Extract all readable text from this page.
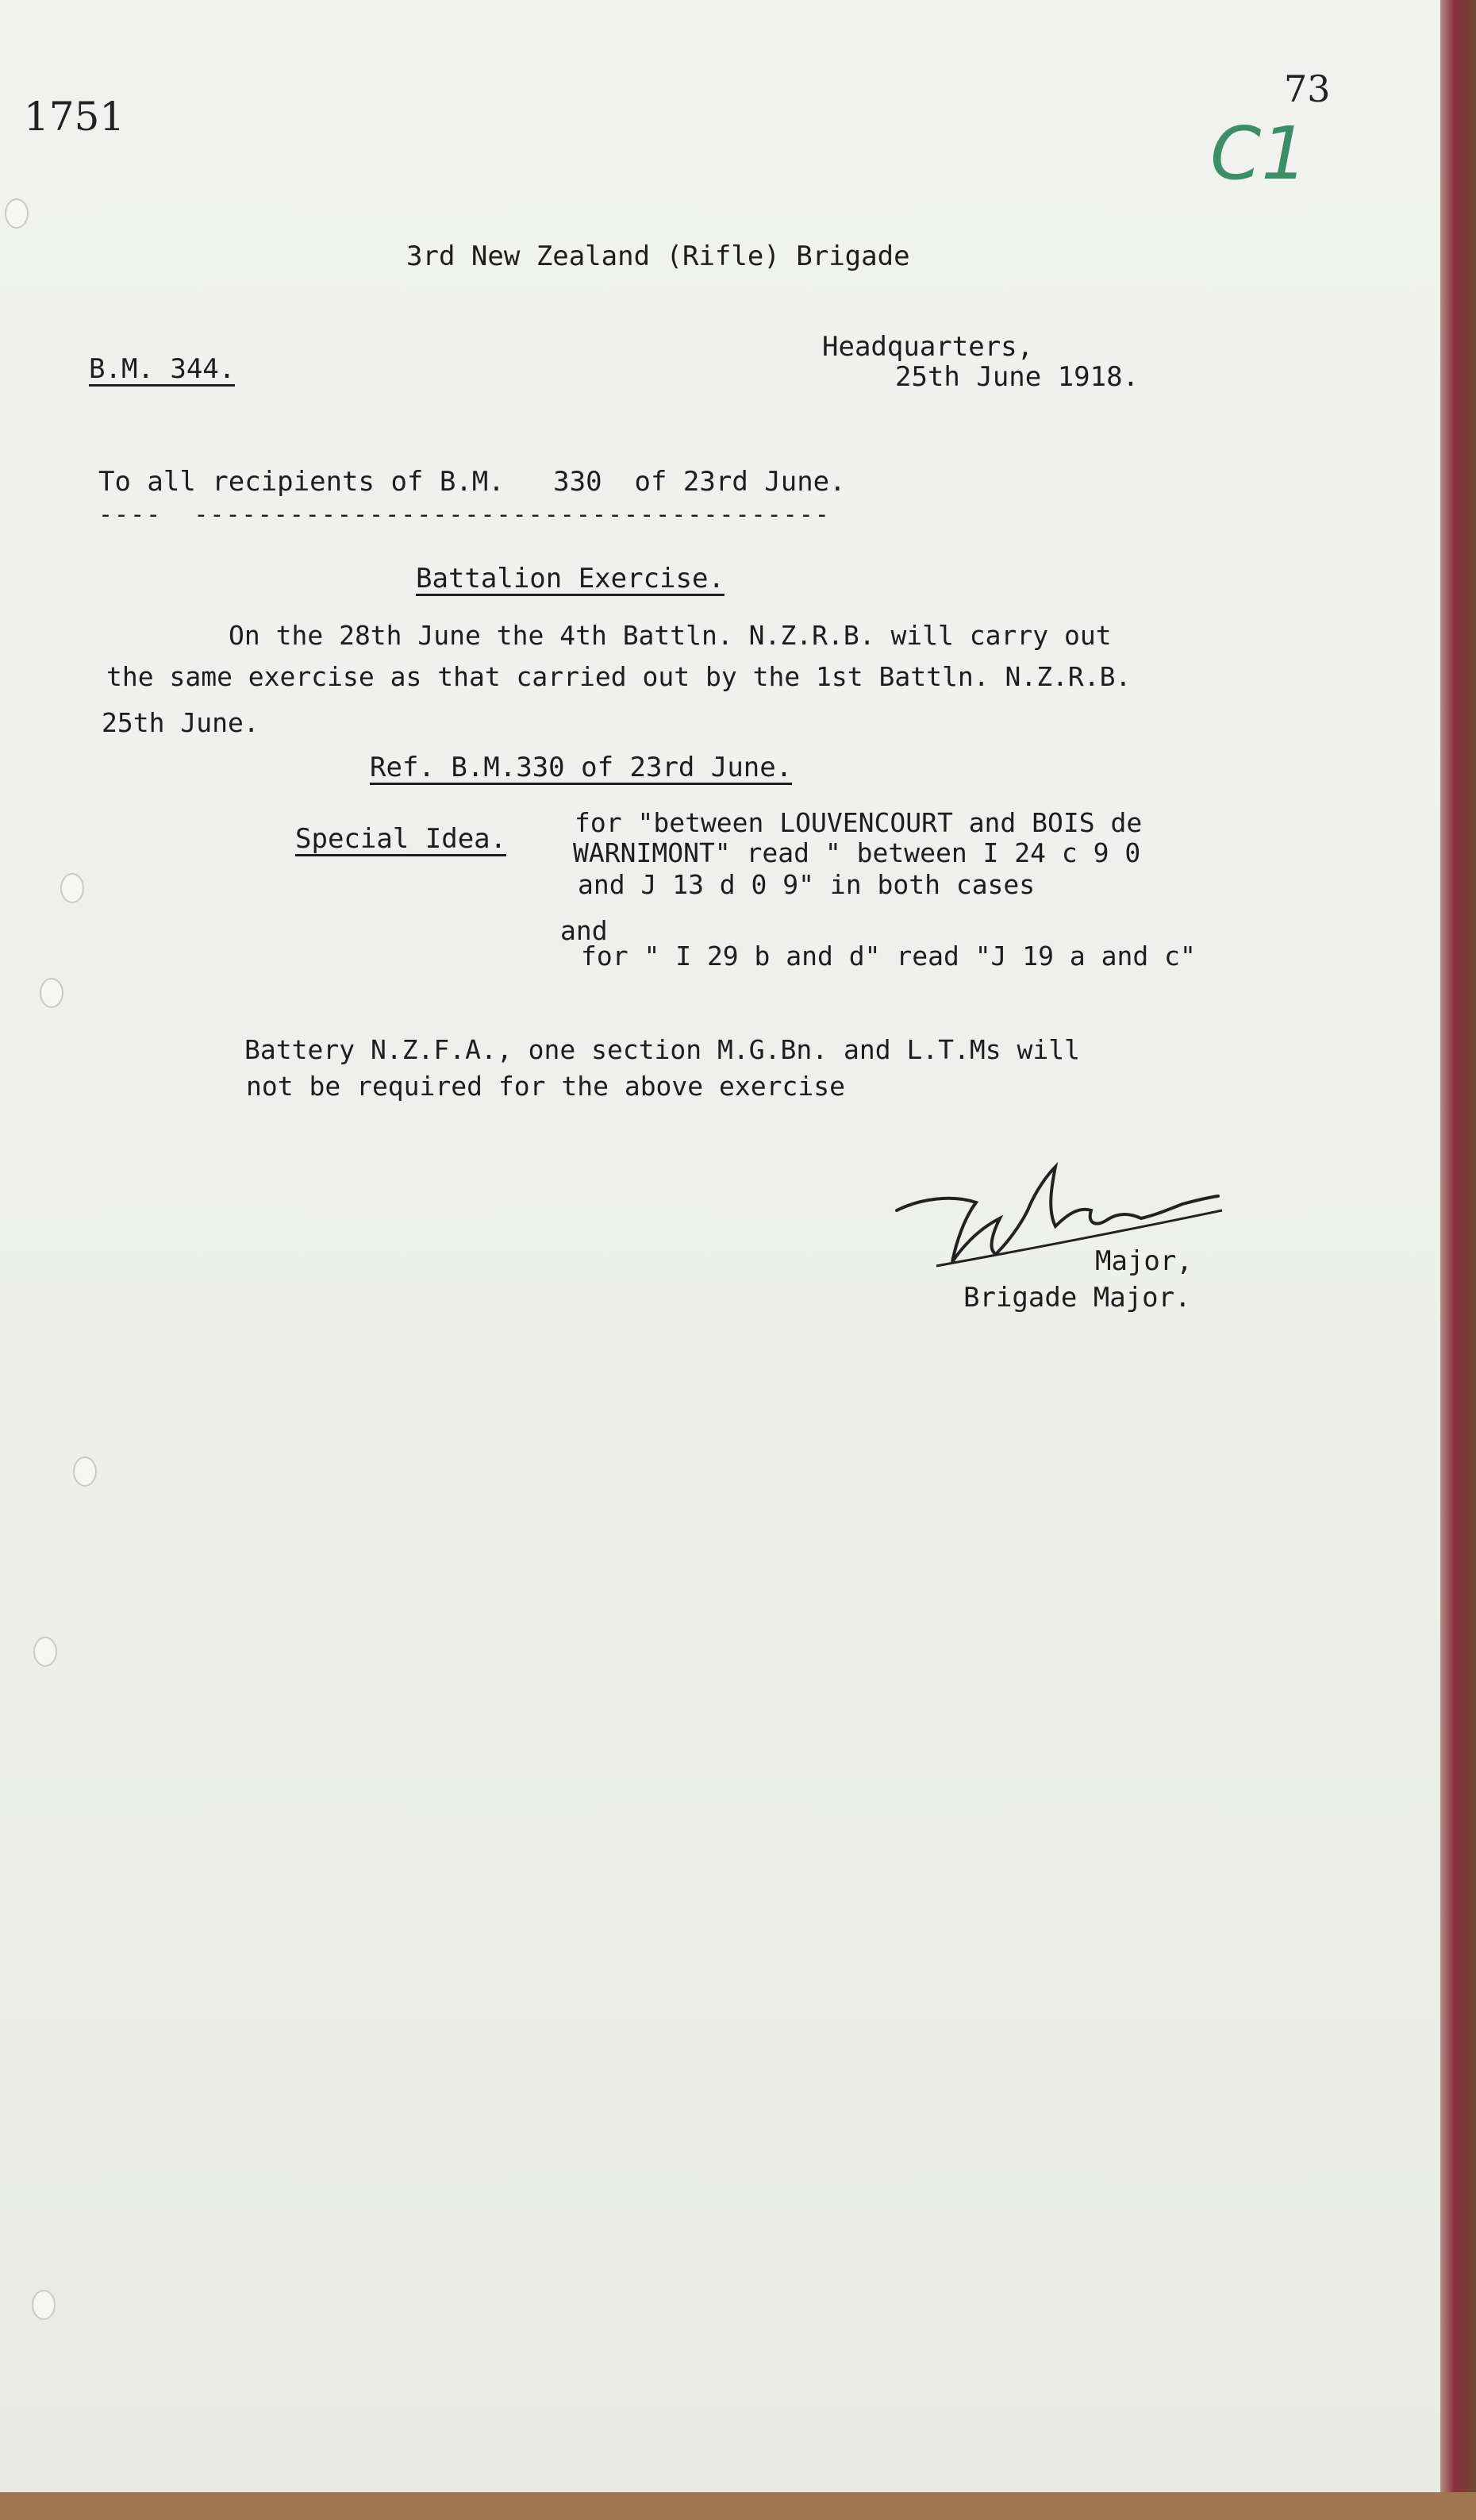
1751
73
C1
3rd New Zealand (Rifle) Brigade
B.M. 344.
Headquarters,
25th June 1918.
To all recipients of B.M.   330  of 23rd June.
----  ----------------------------------------
Battalion Exercise.
On the 28th June the 4th Battln. N.Z.R.B. will carry out
the same exercise as that carried out by the 1st Battln. N.Z.R.B.
25th June.
Ref. B.M.330 of 23rd June.
Special Idea.
for "between LOUVENCOURT and BOIS de
WARNIMONT" read " between I 24 c 9 0
and J 13 d 0 9" in both cases
and
for " I 29 b and d" read "J 19 a and c"
Battery N.Z.F.A., one section M.G.Bn. and L.T.Ms will
not be required for the above exercise
Major,
Brigade Major.
